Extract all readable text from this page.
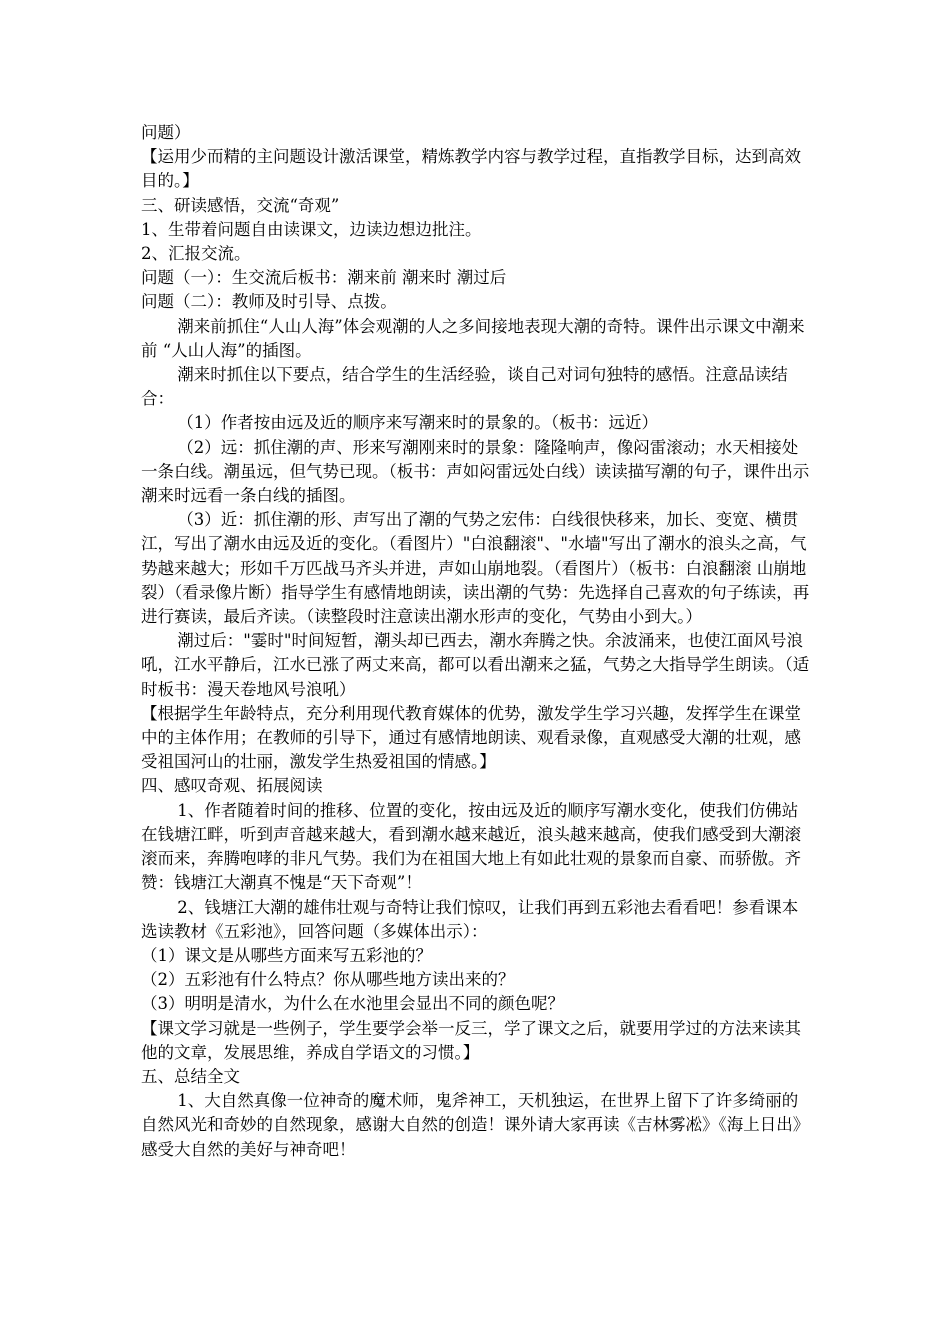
问题）

【运用少而精的主问题设计激活课堂，精炼教学内容与教学过程，直指教学目标，达到高效目的。】

三、研读感悟，交流“奇观”

1、生带着问题自由读课文，边读边想边批注。

2、汇报交流。

问题（一）：生交流后板书：潮来前 潮来时 潮过后

问题（二）：教师及时引导、点拨。

潮来前抓住“人山人海”体会观潮的人之多间接地表现大潮的奇特。课件出示课文中潮来前 “人山人海”的插图。

潮来时抓住以下要点，结合学生的生活经验，谈自己对词句独特的感悟。注意品读结合：

（1）作者按由远及近的顺序来写潮来时的景象的。（板书：远近）

（2）远：抓住潮的声、形来写潮刚来时的景象：隆隆响声，像闷雷滚动；水天相接处一条白线。潮虽远，但气势已现。（板书：声如闷雷远处白线）读读描写潮的句子，课件出示潮来时远看一条白线的插图。

（3）近：抓住潮的形、声写出了潮的气势之宏伟：白线很快移来，加长、变宽、横贯江，写出了潮水由远及近的变化。（看图片）"白浪翻滚"、"水墙"写出了潮水的浪头之高，气势越来越大；形如千万匹战马齐头并进，声如山崩地裂。（看图片）（板书：白浪翻滚 山崩地裂）（看录像片断）指导学生有感情地朗读，读出潮的气势：先选择自己喜欢的句子练读，再进行赛读，最后齐读。（读整段时注意读出潮水形声的变化，气势由小到大。）

潮过后："霎时"时间短暂，潮头却已西去，潮水奔腾之快。余波涌来，也使江面风号浪吼，江水平静后，江水已涨了两丈来高，都可以看出潮来之猛，气势之大指导学生朗读。（适时板书：漫天卷地风号浪吼）

【根据学生年龄特点，充分利用现代教育媒体的优势，激发学生学习兴趣，发挥学生在课堂中的主体作用；在教师的引导下，通过有感情地朗读、观看录像，直观感受大潮的壮观，感受祖国河山的壮丽，激发学生热爱祖国的情感。】

四、感叹奇观、拓展阅读

1、作者随着时间的推移、位置的变化，按由远及近的顺序写潮水变化，使我们仿佛站在钱塘江畔，听到声音越来越大，看到潮水越来越近，浪头越来越高，使我们感受到大潮滚滚而来，奔腾咆哮的非凡气势。我们为在祖国大地上有如此壮观的景象而自豪、而骄傲。齐赞：钱塘江大潮真不愧是“天下奇观”！

2、钱塘江大潮的雄伟壮观与奇特让我们惊叹，让我们再到五彩池去看看吧！参看课本选读教材《五彩池》，回答问题（多媒体出示）：

（1）课文是从哪些方面来写五彩池的？

（2）五彩池有什么特点？你从哪些地方读出来的？

（3）明明是清水，为什么在水池里会显出不同的颜色呢？

【课文学习就是一些例子，学生要学会举一反三，学了课文之后，就要用学过的方法来读其他的文章，发展思维，养成自学语文的习惯。】

五、总结全文

1、大自然真像一位神奇的魔术师，鬼斧神工，天机独运，在世界上留下了许多绮丽的自然风光和奇妙的自然现象，感谢大自然的创造！课外请大家再读《吉林雾凇》《海上日出》感受大自然的美好与神奇吧！
